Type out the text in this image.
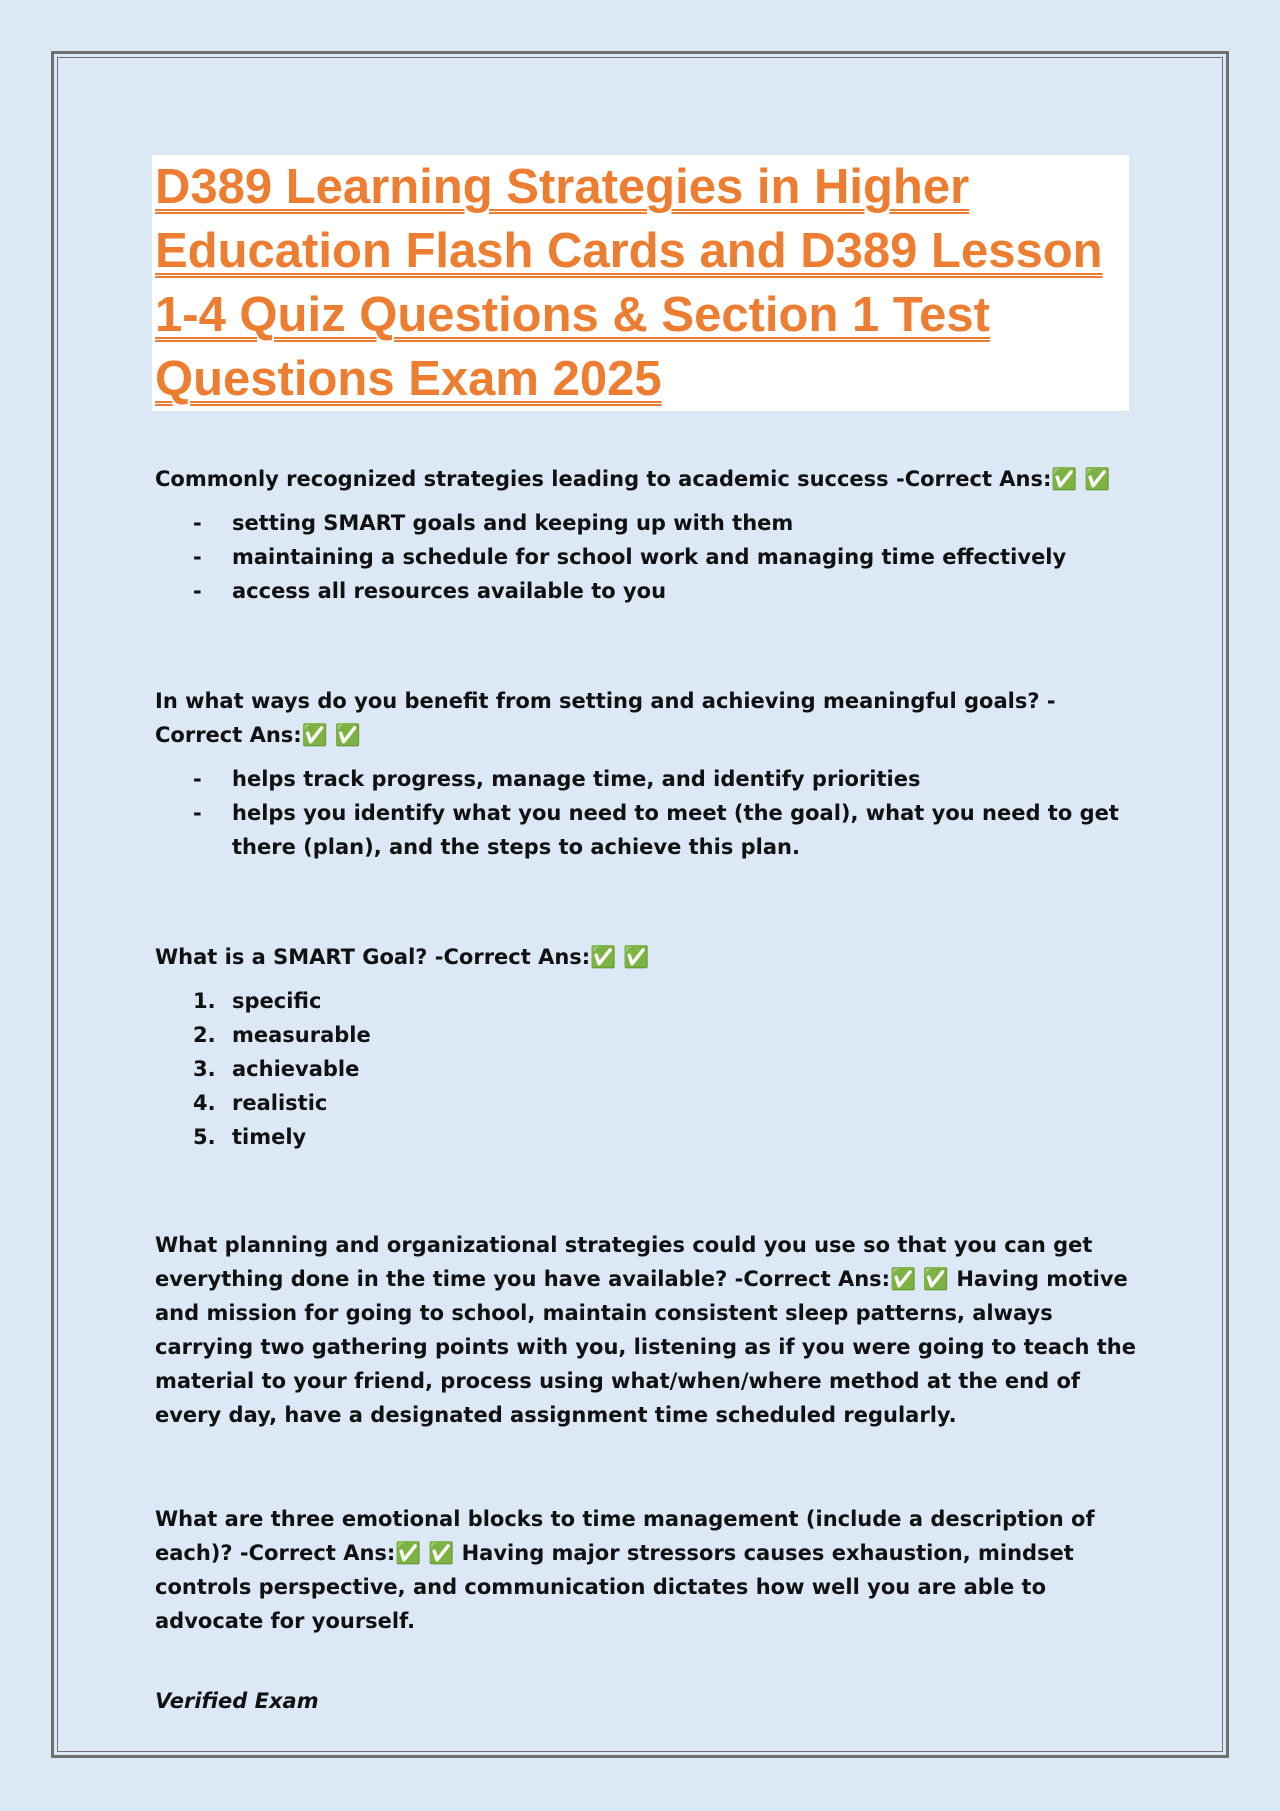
D389 Learning Strategies in Higher Education Flash Cards and D389 Lesson 1-4 Quiz Questions & Section 1 Test Questions Exam 2025

Commonly recognized strategies leading to academic success -Correct Ans:✅ ✅

- setting SMART goals and keeping up with them
- maintaining a schedule for school work and managing time effectively
- access all resources available to you

In what ways do you benefit from setting and achieving meaningful goals? -Correct Ans:✅ ✅

- helps track progress, manage time, and identify priorities
- helps you identify what you need to meet (the goal), what you need to get there (plan), and the steps to achieve this plan.

What is a SMART Goal? -Correct Ans:✅ ✅

1. specific
2. measurable
3. achievable
4. realistic
5. timely

What planning and organizational strategies could you use so that you can get everything done in the time you have available? -Correct Ans:✅ ✅ Having motive and mission for going to school, maintain consistent sleep patterns, always carrying two gathering points with you, listening as if you were going to teach the material to your friend, process using what/when/where method at the end of every day, have a designated assignment time scheduled regularly.

What are three emotional blocks to time management (include a description of each)? -Correct Ans:✅ ✅ Having major stressors causes exhaustion, mindset controls perspective, and communication dictates how well you are able to advocate for yourself.

Verified Exam
